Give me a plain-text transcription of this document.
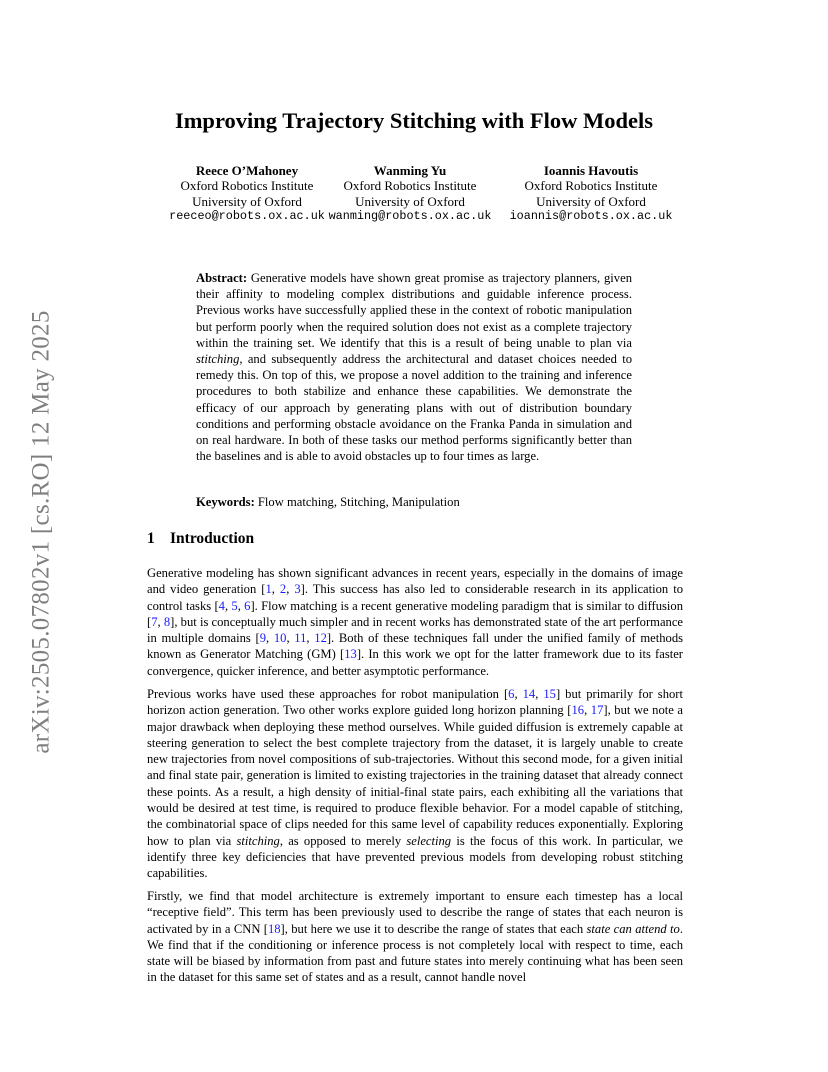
arXiv:2505.07802v1 [cs.RO] 12 May 2025
Improving Trajectory Stitching with Flow Models
Reece O’Mahoney
Oxford Robotics Institute
University of Oxford
reeceo@robots.ox.ac.uk
Wanming Yu
Oxford Robotics Institute
University of Oxford
wanming@robots.ox.ac.uk
Ioannis Havoutis
Oxford Robotics Institute
University of Oxford
ioannis@robots.ox.ac.uk
Abstract: Generative models have shown great promise as trajectory planners, given their affinity to modeling complex distributions and guidable inference process. Previous works have successfully applied these in the context of robotic manipulation but perform poorly when the required solution does not exist as a complete trajectory within the training set. We identify that this is a result of being unable to plan via stitching, and subsequently address the architectural and dataset choices needed to remedy this. On top of this, we propose a novel addition to the training and inference procedures to both stabilize and enhance these capabilities. We demonstrate the efficacy of our approach by generating plans with out of distribution boundary conditions and performing obstacle avoidance on the Franka Panda in simulation and on real hardware. In both of these tasks our method performs significantly better than the baselines and is able to avoid obstacles up to four times as large.
Keywords: Flow matching, Stitching, Manipulation
1 Introduction

Generative modeling has shown significant advances in recent years, especially in the domains of image and video generation [1, 2, 3]. This success has also led to considerable research in its application to control tasks [4, 5, 6]. Flow matching is a recent generative modeling paradigm that is similar to diffusion [7, 8], but is conceptually much simpler and in recent works has demonstrated state of the art performance in multiple domains [9, 10, 11, 12]. Both of these techniques fall under the unified family of methods known as Generator Matching (GM) [13]. In this work we opt for the latter framework due to its faster convergence, quicker inference, and better asymptotic performance.

Previous works have used these approaches for robot manipulation [6, 14, 15] but primarily for short horizon action generation. Two other works explore guided long horizon planning [16, 17], but we note a major drawback when deploying these method ourselves. While guided diffusion is extremely capable at steering generation to select the best complete trajectory from the dataset, it is largely unable to create new trajectories from novel compositions of sub-trajectories. Without this second mode, for a given initial and final state pair, generation is limited to existing trajectories in the training dataset that already connect these points. As a result, a high density of initial-final state pairs, each exhibiting all the variations that would be desired at test time, is required to produce flexible behavior. For a model capable of stitching, the combinatorial space of clips needed for this same level of capability reduces exponentially. Exploring how to plan via stitching, as opposed to merely selecting is the focus of this work. In particular, we identify three key deficiencies that have prevented previous models from developing robust stitching capabilities.

Firstly, we find that model architecture is extremely important to ensure each timestep has a local “receptive field”. This term has been previously used to describe the range of states that each neuron is activated by in a CNN [18], but here we use it to describe the range of states that each state can attend to. We find that if the conditioning or inference process is not completely local with respect to time, each state will be biased by information from past and future states into merely continuing what has been seen in the dataset for this same set of states and as a result, cannot handle novel
